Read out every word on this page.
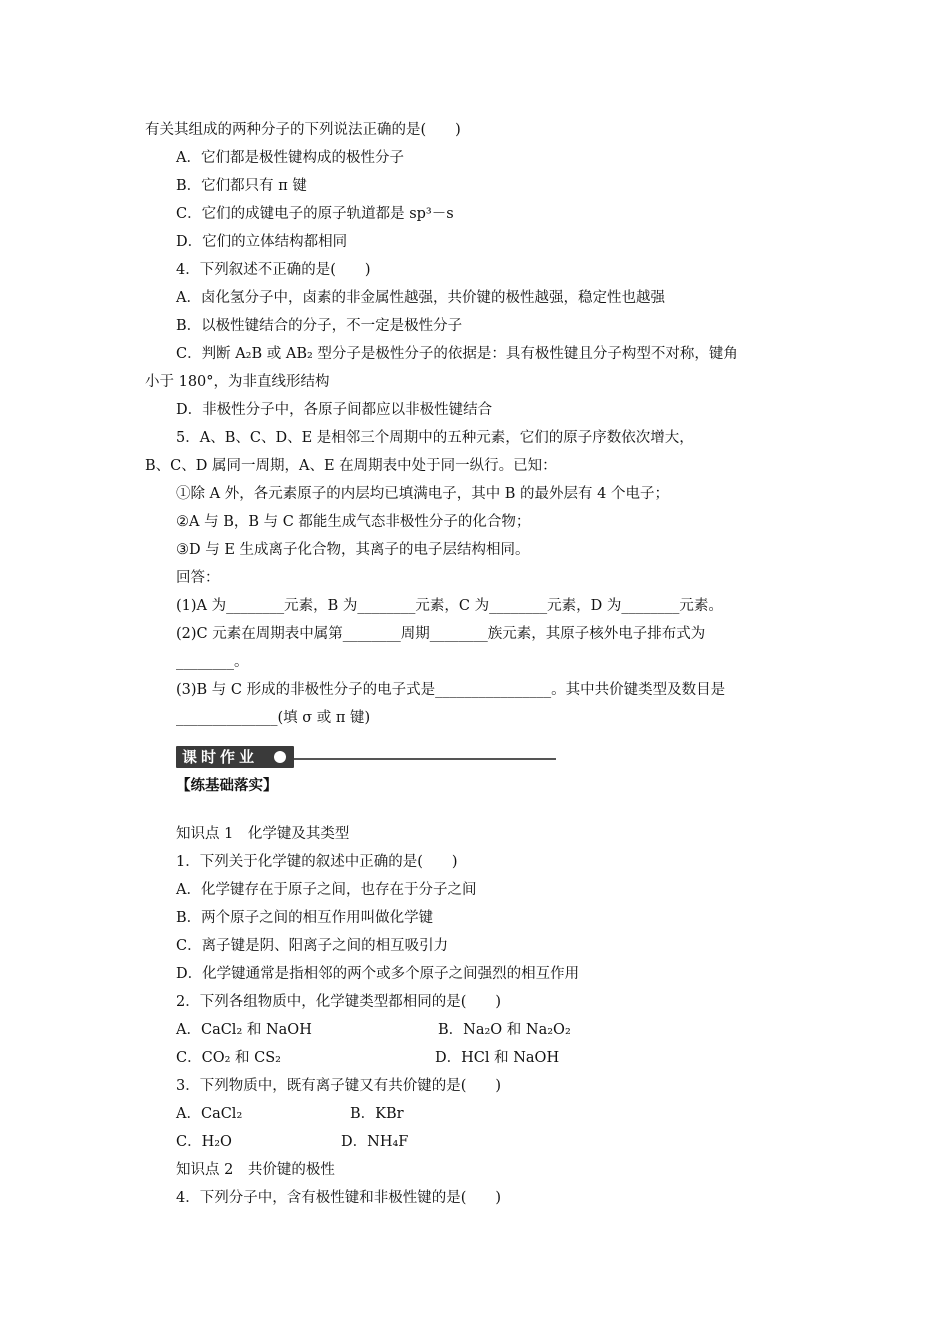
有关其组成的两种分子的下列说法正确的是(　　)
A．它们都是极性键构成的极性分子
B．它们都只有 π 键
C．它们的成键电子的原子轨道都是 sp³－s
D．它们的立体结构都相同
4．下列叙述不正确的是(　　)
A．卤化氢分子中，卤素的非金属性越强，共价键的极性越强，稳定性也越强
B．以极性键结合的分子，不一定是极性分子
C．判断 A₂B 或 AB₂ 型分子是极性分子的依据是：具有极性键且分子构型不对称，键角
小于 180°，为非直线形结构
D．非极性分子中，各原子间都应以非极性键结合
5．A、B、C、D、E 是相邻三个周期中的五种元素，它们的原子序数依次增大，
B、C、D 属同一周期，A、E 在周期表中处于同一纵行。已知：
①除 A 外，各元素原子的内层均已填满电子，其中 B 的最外层有 4 个电子；
②A 与 B，B 与 C 都能生成气态非极性分子的化合物；
③D 与 E 生成离子化合物，其离子的电子层结构相同。
回答：
(1)A 为________元素，B 为________元素，C 为________元素，D 为________元素。
(2)C 元素在周期表中属第________周期________族元素，其原子核外电子排布式为
________。
(3)B 与 C 形成的非极性分子的电子式是________________。其中共价键类型及数目是
______________(填 σ 或 π 键)
课时作业
【练基础落实】
知识点 1　化学键及其类型
1．下列关于化学键的叙述中正确的是(　　)
A．化学键存在于原子之间，也存在于分子之间
B．两个原子之间的相互作用叫做化学键
C．离子键是阴、阳离子之间的相互吸引力
D．化学键通常是指相邻的两个或多个原子之间强烈的相互作用
2．下列各组物质中，化学键类型都相同的是(　　)
A．CaCl₂ 和 NaOH	B．Na₂O 和 Na₂O₂
C．CO₂ 和 CS₂	D．HCl 和 NaOH
3．下列物质中，既有离子键又有共价键的是(　　)
A．CaCl₂	B．KBr
C．H₂O	D．NH₄F
知识点 2　共价键的极性
4．下列分子中，含有极性键和非极性键的是(　　)
